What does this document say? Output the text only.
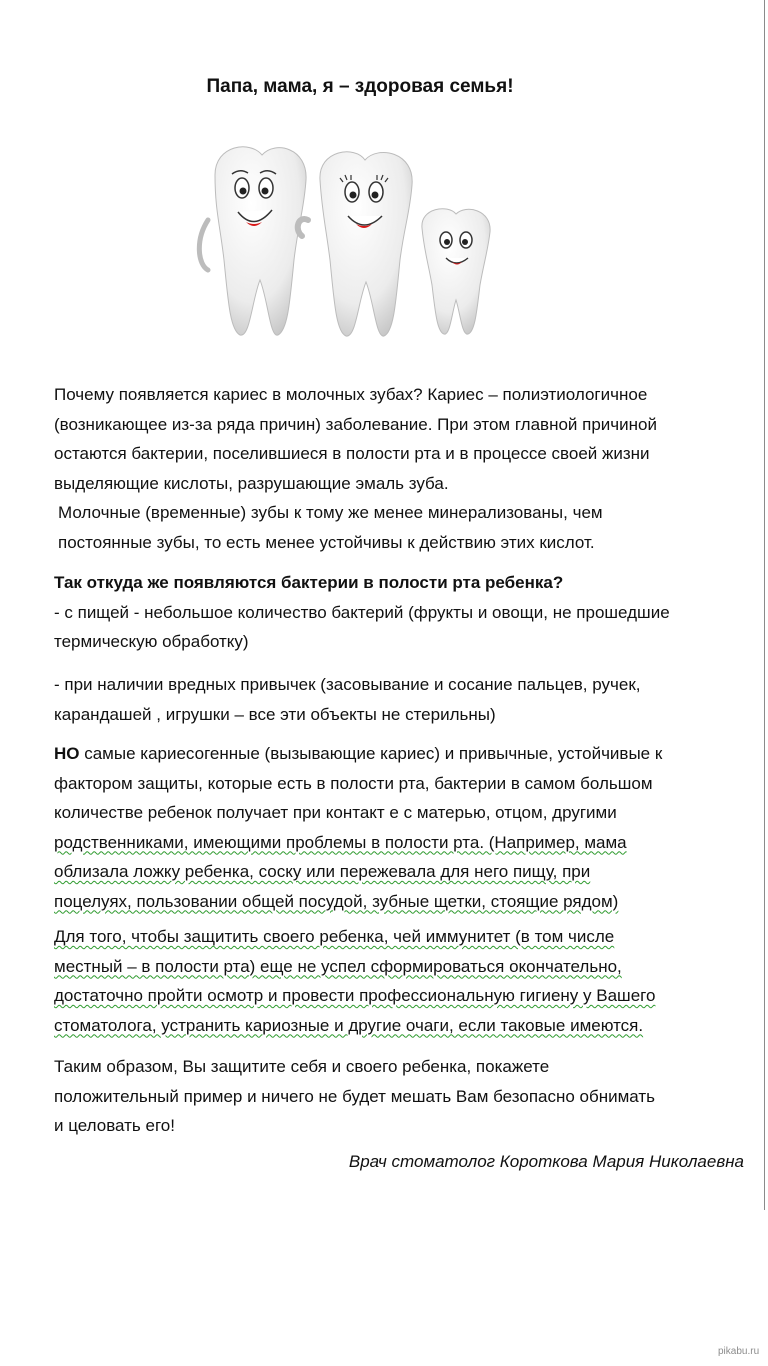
Папа, мама, я – здоровая семья!

Почему появляется кариес в молочных зубах? Кариес – полиэтиологичное

(возникающее из-за ряда причин) заболевание. При этом главной причиной

остаются бактерии, поселившиеся в полости рта и в процессе своей жизни

выделяющие кислоты, разрушающие эмаль зуба.

Молочные (временные) зубы к тому же менее минерализованы, чем

постоянные зубы, то есть менее устойчивы к действию этих кислот.

Так откуда же появляются бактерии в полости рта ребенка?

- с пищей - небольшое количество бактерий (фрукты и овощи, не прошедшие

термическую обработку)

- при наличии вредных привычек (засовывание и сосание пальцев, ручек,

карандашей , игрушки – все эти объекты не стерильны)

НО самые кариесогенные (вызывающие кариес) и привычные, устойчивые к

фактором защиты, которые есть в полости рта, бактерии в самом большом

количестве ребенок получает при контакт е с матерью, отцом, другими

родственниками, имеющими проблемы в полости рта. (Например, мама

облизала ложку ребенка, соску или пережевала для него пищу, при

поцелуях, пользовании общей посудой, зубные щетки, стоящие рядом)

Для того, чтобы защитить своего ребенка, чей иммунитет (в том числе

местный – в полости рта) еще не успел сформироваться окончательно,

достаточно пройти осмотр и провести профессиональную гигиену у Вашего

стоматолога, устранить кариозные и другие очаги, если таковые имеются.

Таким образом, Вы защитите себя и своего ребенка, покажете

положительный пример и ничего не будет мешать Вам безопасно обнимать

и целовать его!

Врач стоматолог Короткова Мария Николаевна
pikabu.ru
